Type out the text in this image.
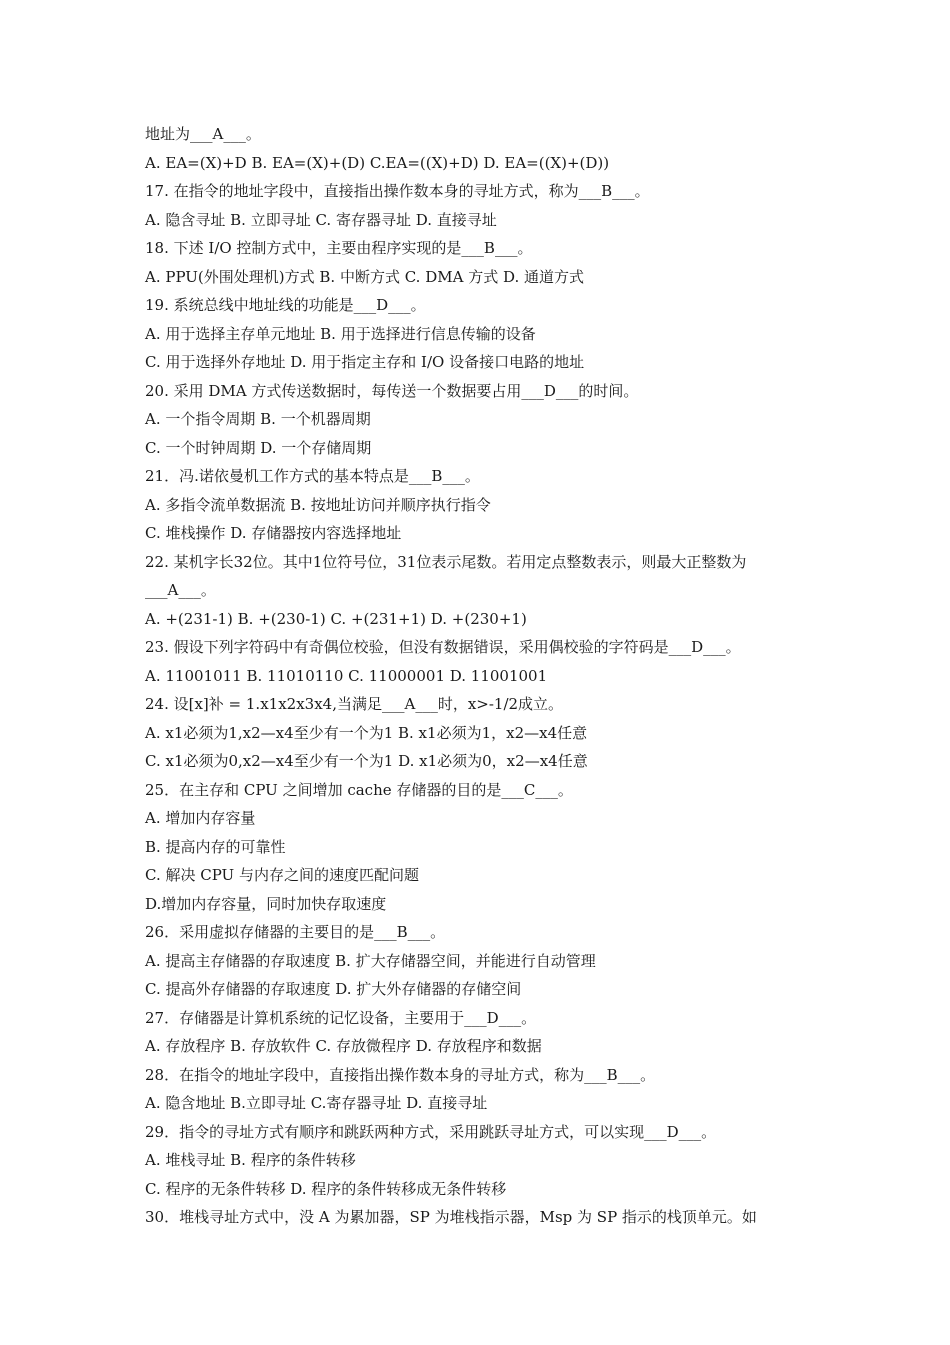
地址为___A___。
A. EA=(X)+D B. EA=(X)+(D) C.EA=((X)+D) D. EA=((X)+(D))
17. 在指令的地址字段中，直接指出操作数本身的寻址方式，称为___B___。
A. 隐含寻址 B. 立即寻址 C. 寄存器寻址 D. 直接寻址
18. 下述 I/O 控制方式中，主要由程序实现的是___B___。
A. PPU(外围处理机)方式 B. 中断方式 C. DMA 方式 D. 通道方式
19. 系统总线中地址线的功能是___D___。
A. 用于选择主存单元地址 B. 用于选择进行信息传输的设备
C. 用于选择外存地址 D. 用于指定主存和 I/O 设备接口电路的地址
20. 采用 DMA 方式传送数据时，每传送一个数据要占用___D___的时间。
A. 一个指令周期 B. 一个机器周期
C. 一个时钟周期 D. 一个存储周期
21．冯.诺依曼机工作方式的基本特点是___B___。
A. 多指令流单数据流 B. 按地址访问并顺序执行指令
C. 堆栈操作 D. 存储器按内容选择地址
22. 某机字长32位。其中1位符号位，31位表示尾数。若用定点整数表示，则最大正整数为
___A___。
A. +(231-1) B. +(230-1) C. +(231+1) D. +(230+1)
23. 假设下列字符码中有奇偶位校验，但没有数据错误，采用偶校验的字符码是___D___。
A. 11001011 B. 11010110 C. 11000001 D. 11001001
24. 设[x]补 = 1.x1x2x3x4,当满足___A___时，x>-1/2成立。
A. x1必须为1,x2—x4至少有一个为1 B. x1必须为1，x2—x4任意
C. x1必须为0,x2—x4至少有一个为1 D. x1必须为0，x2—x4任意
25．在主存和 CPU 之间增加 cache 存储器的目的是___C___。
A. 增加内存容量
B. 提高内存的可靠性
C. 解决 CPU 与内存之间的速度匹配问题
D.增加内存容量，同时加快存取速度
26．采用虚拟存储器的主要目的是___B___。
A. 提高主存储器的存取速度 B. 扩大存储器空间，并能进行自动管理
C. 提高外存储器的存取速度 D. 扩大外存储器的存储空间
27．存储器是计算机系统的记忆设备，主要用于___D___。
A. 存放程序 B. 存放软件 C. 存放微程序 D. 存放程序和数据
28．在指令的地址字段中，直接指出操作数本身的寻址方式，称为___B___。
A. 隐含地址 B.立即寻址 C.寄存器寻址 D. 直接寻址
29．指令的寻址方式有顺序和跳跃两种方式，采用跳跃寻址方式，可以实现___D___。
A. 堆栈寻址 B. 程序的条件转移
C. 程序的无条件转移 D. 程序的条件转移成无条件转移
30．堆栈寻址方式中，没 A 为累加器，SP 为堆栈指示器，Msp 为 SP 指示的栈顶单元。如
